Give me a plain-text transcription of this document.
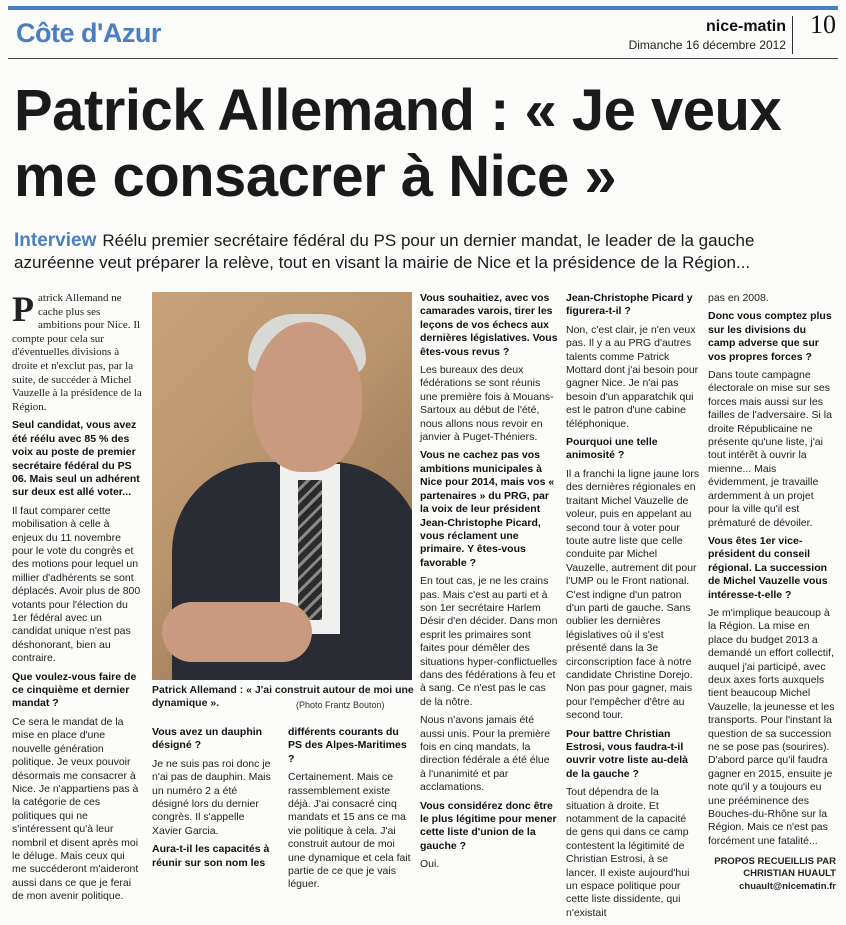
Côte d'Azur	nice-matin
Dimanche 16 décembre 2012
10
Patrick Allemand : « Je veux me consacrer à Nice »
Interview Réélu premier secrétaire fédéral du PS pour un dernier mandat, le leader de la gauche azuréenne veut préparer la relève, tout en visant la mairie de Nice et la présidence de la Région...

Patrick Allemand ne cache plus ses ambitions pour Nice. Il compte pour cela sur d'éventuelles divisions à droite et n'exclut pas, par la suite, de succéder à Michel Vauzelle à la présidence de la Région.

Seul candidat, vous avez été réélu avec 85 % des voix au poste de premier secrétaire fédéral du PS 06. Mais seul un adhérent sur deux est allé voter...

Il faut comparer cette mobilisation à celle à enjeux du 11 novembre pour le vote du congrès et des motions pour lequel un millier d'adhérents se sont déplacés. Avoir plus de 800 votants pour l'élection du 1er fédéral avec un candidat unique n'est pas déshonorant, bien au contraire.

Que voulez-vous faire de ce cinquième et dernier mandat ?

Ce sera le mandat de la mise en place d'une nouvelle génération politique. Je veux pouvoir désormais me consacrer à Nice. Je n'appartiens pas à la catégorie de ces politiques qui ne s'intéressent qu'à leur nombril et disent après moi le déluge. Mais ceux qui me succéderont m'aideront aussi dans ce que je ferai de mon avenir politique.

Patrick Allemand : « J'ai construit autour de moi une dynamique ».	(Photo Frantz Bouton)

Vous avez un dauphin désigné ?

Je ne suis pas roi donc je n'ai pas de dauphin. Mais un numéro 2 a été désigné lors du dernier congrès. Il s'appelle Xavier Garcia.

Aura-t-il les capacités à réunir sur son nom les

différents courants du PS des Alpes-Maritimes ?

Certainement. Mais ce rassemblement existe déjà. J'ai consacré cinq mandats et 15 ans ce ma vie politique à cela. J'ai construit autour de moi une dynamique et cela fait partie de ce que je vais léguer.

Vous souhaitiez, avec vos camarades varois, tirer les leçons de vos échecs aux dernières législatives. Vous êtes-vous revus ?

Les bureaux des deux fédérations se sont réunis une première fois à Mouans-Sartoux au début de l'été, nous allons nous revoir en janvier à Puget-Théniers.

Vous ne cachez pas vos ambitions municipales à Nice pour 2014, mais vos « partenaires » du PRG, par la voix de leur président Jean-Christophe Picard, vous réclament une primaire. Y êtes-vous favorable ?

En tout cas, je ne les crains pas. Mais c'est au parti et à son 1er secrétaire Harlem Désir d'en décider. Dans mon esprit les primaires sont faites pour démêler des situations hyper-conflictuelles dans des fédérations à feu et à sang. Ce n'est pas le cas de la nôtre.

Nous n'avons jamais été aussi unis. Pour la première fois en cinq mandats, la direction fédérale a été élue à l'unanimité et par acclamations.

Vous considérez donc être le plus légitime pour mener cette liste d'union de la gauche ?

Oui.

Jean-Christophe Picard y figurera-t-il ?

Non, c'est clair, je n'en veux pas. Il y a au PRG d'autres talents comme Patrick Mottard dont j'ai besoin pour gagner Nice. Je n'ai pas besoin d'un apparatchik qui est le patron d'une cabine téléphonique.

Pourquoi une telle animosité ?

Il a franchi la ligne jaune lors des dernières régionales en traitant Michel Vauzelle de voleur, puis en appelant au second tour à voter pour toute autre liste que celle conduite par Michel Vauzelle, autrement dit pour l'UMP ou le Front national. C'est indigne d'un patron d'un parti de gauche. Sans oublier les dernières législatives où il s'est présenté dans la 3e circonscription face à notre candidate Christine Dorejo. Non pas pour gagner, mais pour l'empêcher d'être au second tour.

Pour battre Christian Estrosi, vous faudra-t-il ouvrir votre liste au-delà de la gauche ?

Tout dépendra de la situation à droite. Et notamment de la capacité de gens qui dans ce camp contestent la légitimité de Christian Estrosi, à se lancer. Il existe aujourd'hui un espace politique pour cette liste dissidente, qui n'existait

pas en 2008.

Donc vous comptez plus sur les divisions du camp adverse que sur vos propres forces ?

Dans toute campagne électorale on mise sur ses forces mais aussi sur les failles de l'adversaire. Si la droite Républicaine ne présente qu'une liste, j'ai tout intérêt à ouvrir la mienne... Mais évidemment, je travaille ardemment à un projet pour la ville qu'il est prématuré de dévoiler.

Vous êtes 1er vice-président du conseil régional. La succession de Michel Vauzelle vous intéresse-t-elle ?

Je m'implique beaucoup à la Région. La mise en place du budget 2013 a demandé un effort collectif, auquel j'ai participé, avec deux axes forts auxquels tient beaucoup Michel Vauzelle, la jeunesse et les transports. Pour l'instant la question de sa succession ne se pose pas (sourires). D'abord parce qu'il faudra gagner en 2015, ensuite je note qu'il y a toujours eu une prééminence des Bouches-du-Rhône sur la Région. Mais ce n'est pas forcément une fatalité...

PROPOS RECUEILLIS PAR CHRISTIAN HUAULT
chuault@nicematin.fr
